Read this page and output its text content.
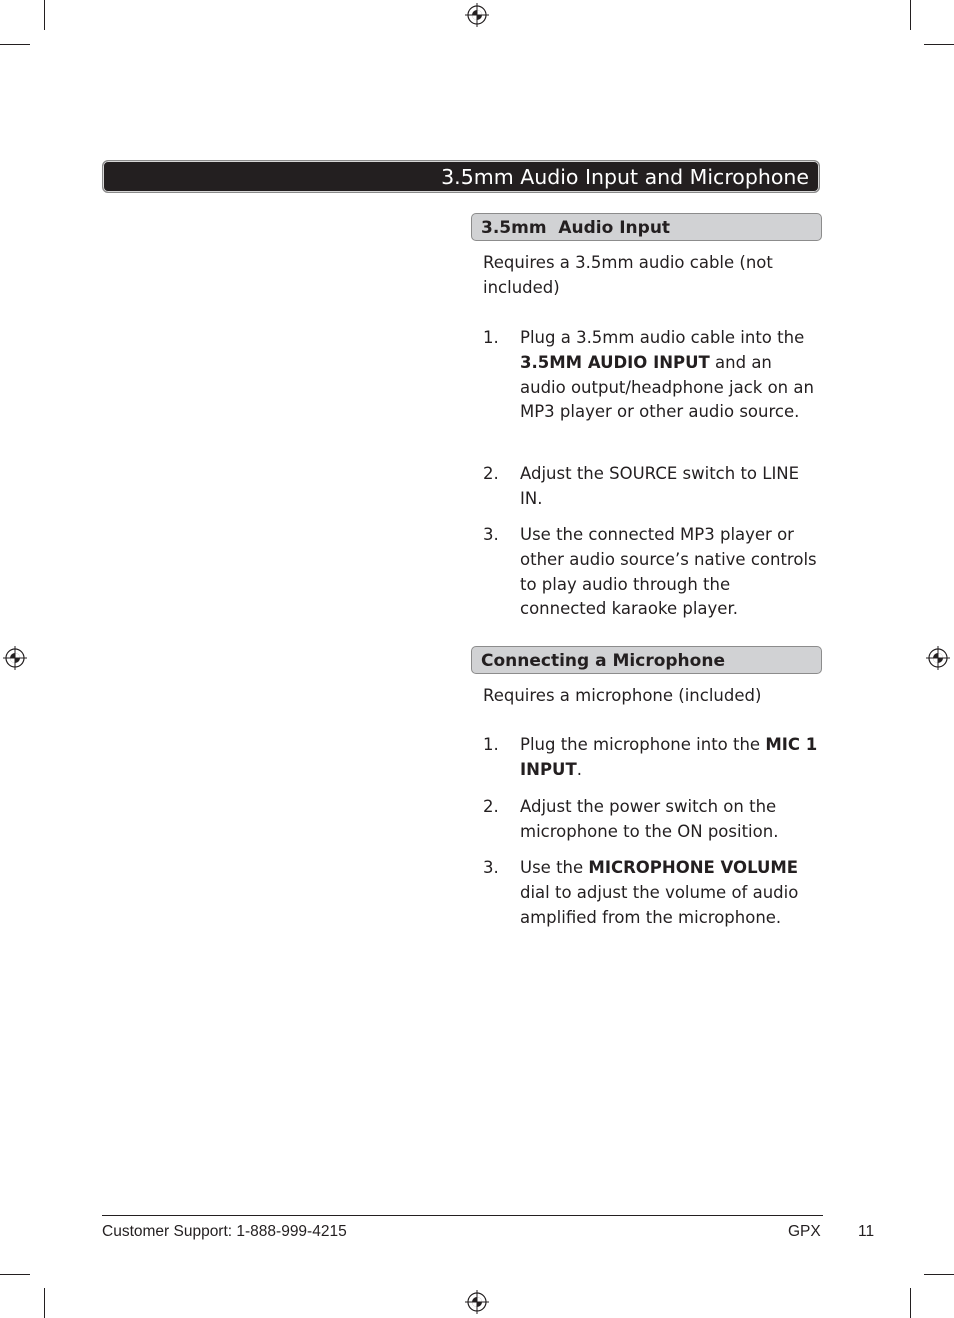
3.5mm Audio Input and Microphone
3.5mm  Audio Input
Requires a 3.5mm audio cable (not included)
1.	Plug a 3.5mm audio cable into the 3.5MM AUDIO INPUT and an audio output/headphone jack on an MP3 player or other audio source.
2.	Adjust the SOURCE switch to LINE IN.
3.	Use the connected MP3 player or other audio source’s native controls to play audio through the connected karaoke player.
Connecting a Microphone
Requires a microphone (included)
1.	Plug the microphone into the MIC 1 INPUT.
2.	Adjust the power switch on the microphone to the ON position.
3.	Use the MICROPHONE VOLUME dial to adjust the volume of audio amplified from the microphone.
Customer Support: 1-888-999-4215	GPX 11
